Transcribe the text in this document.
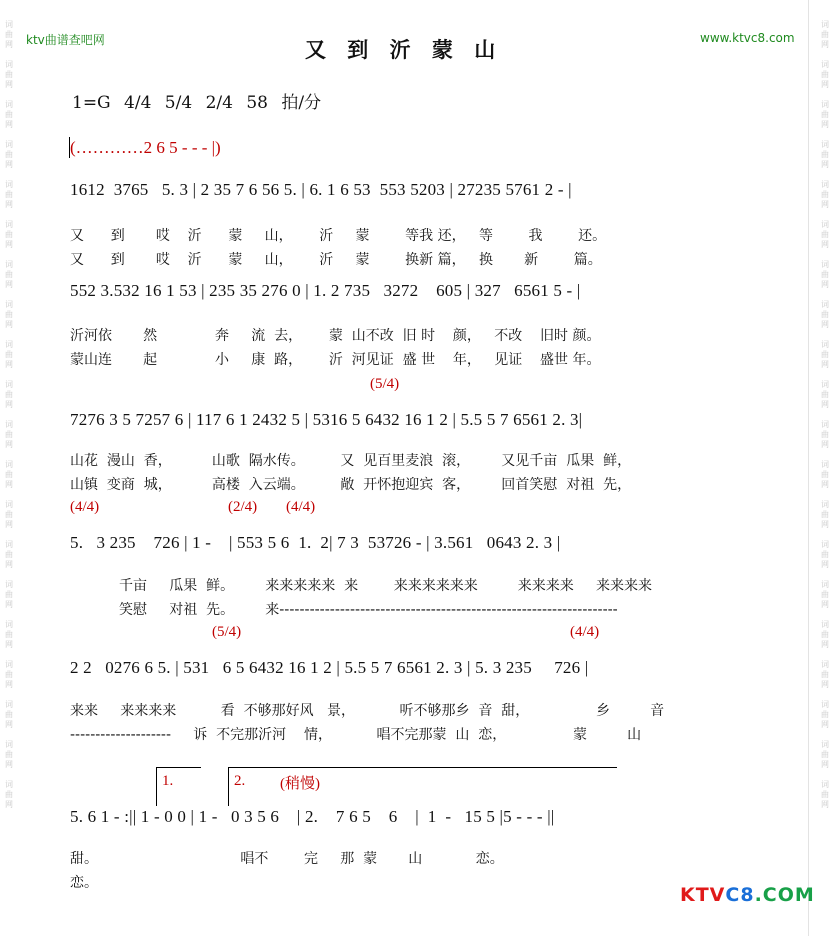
词
曲
网

词
曲
网

词
曲
网

词
曲
网

词
曲
网

词
曲
网

词
曲
网

词
曲
网

词
曲
网

词
曲
网

词
曲
网

词
曲
网

词
曲
网

词
曲
网

词
曲
网

词
曲
网

词
曲
网

词
曲
网

词
曲
网

词
曲
网
词
曲
网

词
曲
网

词
曲
网

词
曲
网

词
曲
网

词
曲
网

词
曲
网

词
曲
网

词
曲
网

词
曲
网

词
曲
网

词
曲
网

词
曲
网

词
曲
网

词
曲
网

词
曲
网

词
曲
网

词
曲
网

词
曲
网

词
曲
网
ktv曲谱查吧网	www.ktvc8.com
又 到 沂 蒙 山
1=G 4/4 5/4 2/4 58 拍/分
(…………2 6 5 - - - |)
1612  3765   5. 3 | 2 35 7 6 56 5. | 6. 1 6 53  553 5203 | 27235 5761 2 - |
又      到       哎    沂      蒙     山，      沂     蒙        等我 还，   等        我        还。
又      到       哎    沂      蒙     山，      沂     蒙        换新 篇，   换       新        篇。
552 3.532 16 1 53 | 235 35 276 0 | 1. 2 735   3272    605 | 327   6561 5 - |
沂河依       然             奔     流  去，      蒙  山不改  旧 时    颜，   不改    旧时 颜。
蒙山连       起             小     康  路，      沂  河见证  盛 世    年，   见证    盛世 年。
(5/4)
7276 3 5 7257 6 | 117 6 1 2432 5 | 5316 5 6432 16 1 2 | 5.5 5 7 6561 2. 3|
山花  漫山  香，         山歌  隔水传。        又  见百里麦浪  滚，       又见千亩  瓜果  鲜，
山镇  变商  城，         高楼  入云端。        敞  开怀抱迎宾  客，       回首笑慰  对祖  先，
(4/4)	(2/4) (4/4)
5.   3 235    726 | 1 -    | 553 5 6  1.  2| 7 3  53726 - | 3.561   0643 2. 3 |
千亩     瓜果  鲜。       来来来来来  来        来来来来来来         来来来来     来来来来
笑慰     对祖  先。       来-------------------------------------------------------------------
(5/4)	(4/4)
2 2   0276 6 5. | 531   6 5 6432 16 1 2 | 5.5 5 7 6561 2. 3 | 5. 3 235     726 |
来来     来来来来          看  不够那好风   景，          听不够那乡  音  甜，               乡         音
--------------------     诉  不完那沂河    情，          唱不完那蒙  山  恋，               蒙         山
1.	2. (稍慢)
5. 6 1 - :|| 1 - 0 0 | 1 -   0 3 5 6    | 2.    7 6 5    6    |  1  -   15 5 |5 - - - ||
甜。                                唱不        完     那  蒙       山            恋。
恋。
KTVC8.COM
